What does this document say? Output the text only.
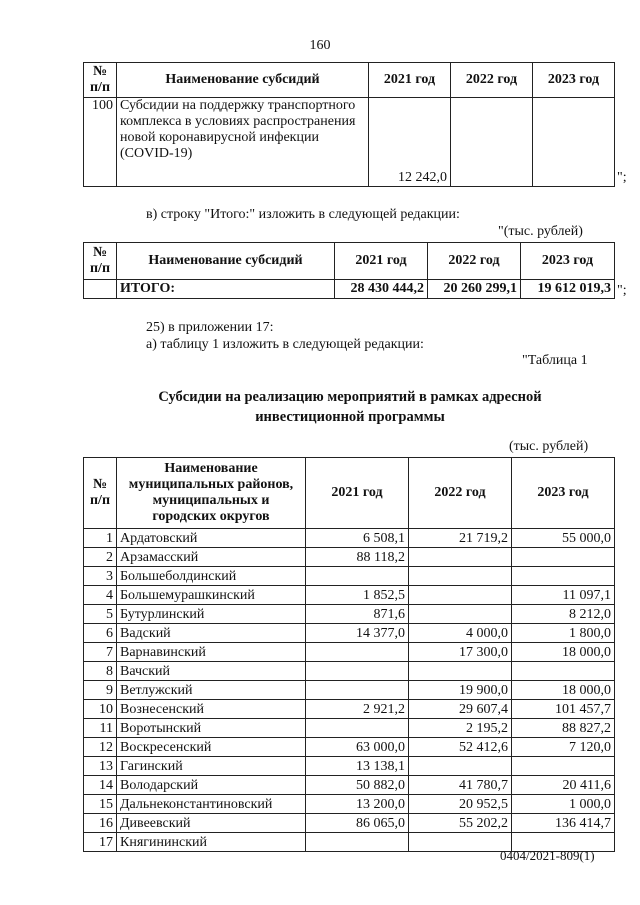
160
№ п/п	Наименование субсидий	2021 год	2022 год	2023 год
100	Субсидии на поддержку транспортного комплекса в условиях распространения новой коронавирусной инфекции (COVID-19)	12 242,0			";
в) строку "Итого:" изложить в следующей редакции:
"(тыс. рублей)
№ п/п	Наименование субсидий	2021 год	2022 год	2023 год
	ИТОГО:	28 430 444,2	20 260 299,1	19 612 019,3 ";
25) в приложении 17:
а) таблицу 1 изложить в следующей редакции:
"Таблица 1
Субсидии на реализацию мероприятий в рамках адресной
инвестиционной программы
(тыс. рублей)
№ п/п	Наименование муниципальных районов, муниципальных и городских округов	2021 год	2022 год	2023 год
1	Ардатовский	6 508,1	21 719,2	55 000,0
2	Арзамасский	88 118,2		
3	Большеболдинский			
4	Большемурашкинский	1 852,5		11 097,1
5	Бутурлинский	871,6		8 212,0
6	Вадский	14 377,0	4 000,0	1 800,0
7	Варнавинский		17 300,0	18 000,0
8	Вачский			
9	Ветлужский		19 900,0	18 000,0
10	Вознесенский	2 921,2	29 607,4	101 457,7
11	Воротынский		2 195,2	88 827,2
12	Воскресенский	63 000,0	52 412,6	7 120,0
13	Гагинский	13 138,1		
14	Володарский	50 882,0	41 780,7	20 411,6
15	Дальнеконстантиновский	13 200,0	20 952,5	1 000,0
16	Дивеевский	86 065,0	55 202,2	136 414,7
17	Княгининский			
0404/2021-809(1)
